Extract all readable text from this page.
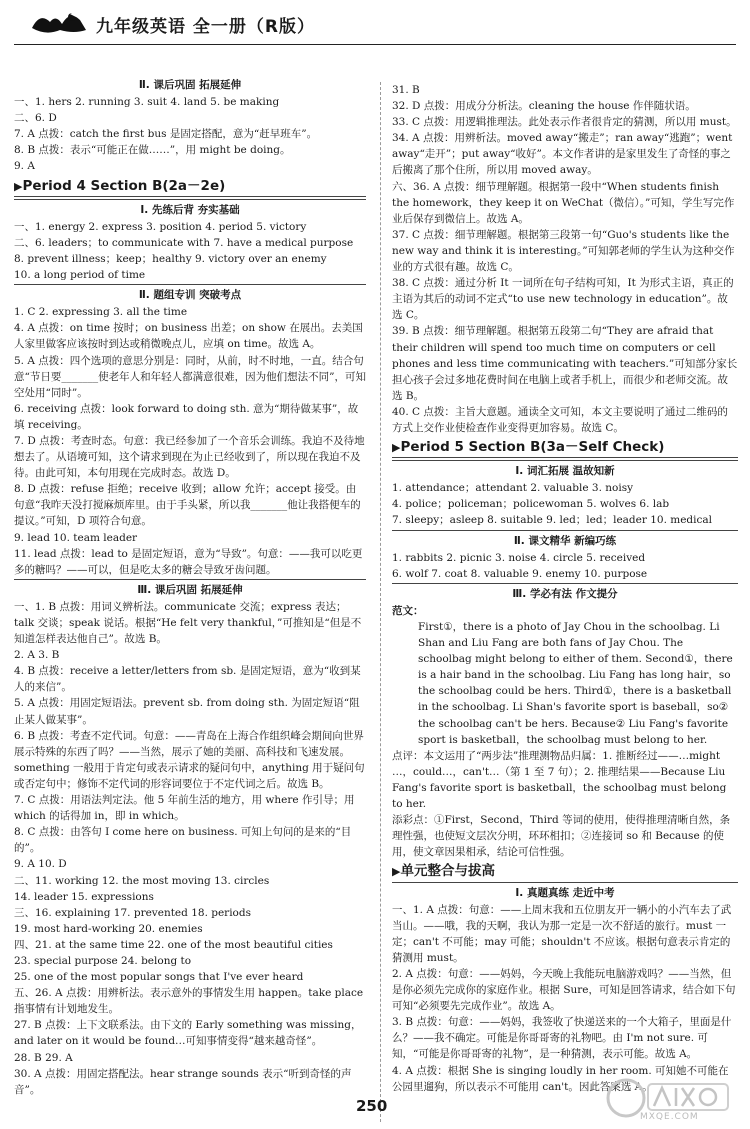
九年级英语 全一册（R版）
Ⅱ. 课后巩固 拓展延伸
一、1. hers 2. running 3. suit 4. land 5. be making
二、6. D
7. A 点拨：catch the first bus 是固定搭配，意为“赶早班车”。
8. B 点拨：表示“可能正在做……”，用 might be doing。
9. A
▶Period 4 Section B(2a－2e)
Ⅰ. 先练后背 夯实基础
一、1. energy 2. express 3. position 4. period 5. victory
二、6. leaders；to communicate with 7. have a medical purpose
8. prevent illness；keep；healthy 9. victory over an enemy
10. a long period of time
Ⅱ. 题组专训 突破考点
1. C 2. expressing 3. all the time
4. A 点拨：on time 按时；on business 出差；on show 在展出。去美国人家里做客应该按时到达或稍微晚点儿，应填 on time。故选 A。
5. A 点拨：四个选项的意思分别是：同时，从前，时不时地，一直。结合句意“节日要_______使老年人和年轻人都满意很难，因为他们想法不同”，可知空处用“同时”。
6. receiving 点拨：look forward to doing sth. 意为“期待做某事”，故填 receiving。
7. D 点拨：考查时态。句意：我已经参加了一个音乐会训练。我迫不及待地想去了。从语境可知，这个请求到现在为止已经收到了，所以现在我迫不及待。由此可知，本句用现在完成时态。故选 D。
8. D 点拨：refuse 拒绝；receive 收到；allow 允许；accept 接受。由句意“我昨天没打搅麻烦库里。由于手头紧，所以我_______他让我搭便车的提议。”可知，D 项符合句意。
9. lead 10. team leader
11. lead 点拨：lead to 是固定短语，意为“导致”。句意：——我可以吃更多的糖吗？——可以，但是吃太多的糖会导致牙齿问题。
Ⅲ. 课后巩固 拓展延伸
一、1. B 点拨：用词义辨析法。communicate 交流；express 表达；talk 交谈；speak 说话。根据“He felt very thankful，”可推知是“但是不知道怎样表达他自己”。故选 B。
2. A 3. B
4. B 点拨：receive a letter/letters from sb. 是固定短语，意为“收到某人的来信”。
5. A 点拨：用固定短语法。prevent sb. from doing sth. 为固定短语“阻止某人做某事”。
6. B 点拨：考查不定代词。句意：——青岛在上海合作组织峰会期间向世界展示特殊的东西了吗？——当然，展示了她的美丽、高科技和飞速发展。something 一般用于肯定句或表示请求的疑问句中，anything 用于疑问句或否定句中；修饰不定代词的形容词要位于不定代词之后。故选 B。
7. C 点拨：用语法判定法。他 5 年前生活的地方，用 where 作引导；用 which 的话得加 in，即 in which。
8. C 点拨：由答句 I come here on business. 可知上句问的是来的“目的”。
9. A 10. D
二、11. working 12. the most moving 13. circles
14. leader 15. expressions
三、16. explaining 17. prevented 18. periods
19. most hard-working 20. enemies
四、21. at the same time 22. one of the most beautiful cities
23. special purpose 24. belong to
25. one of the most popular songs that I've ever heard
五、26. A 点拨：用辨析法。表示意外的事情发生用 happen。take place 指事情有计划地发生。
27. B 点拨：上下文联系法。由下文的 Early something was missing，and later on it would be found…可知事情变得“越来越奇怪”。
28. B 29. A
30. A 点拨：用固定搭配法。hear strange sounds 表示“听到奇怪的声音”。
31. B
32. D 点拨：用成分分析法。cleaning the house 作伴随状语。
33. C 点拨：用逻辑推理法。此处表示作者很肯定的猜测，所以用 must。
34. A 点拨：用辨析法。moved away“搬走”；ran away“逃跑”；went away“走开”；put away“收好”。本文作者讲的是家里发生了奇怪的事之后搬离了那个住所，所以用 moved away。
六、36. A 点拨：细节理解题。根据第一段中“When students finish the homework，they keep it on WeChat（微信）。”可知，学生写完作业后保存到微信上。故选 A。
37. C 点拨：细节理解题。根据第三段第一句“Guo's students like the new way and think it is interesting。”可知郭老师的学生认为这种交作业的方式很有趣。故选 C。
38. C 点拨：通过分析 It 一词所在句子结构可知，It 为形式主语，真正的主语为其后的动词不定式“to use new technology in education”。故选 C。
39. B 点拨：细节理解题。根据第五段第二句“They are afraid that their children will spend too much time on computers or cell phones and less time communicating with teachers.”可知部分家长担心孩子会过多地花费时间在电脑上或者手机上，而很少和老师交流。故选 B。
40. C 点拨：主旨大意题。通读全文可知，本文主要说明了通过二维码的方式上交作业使检查作业变得更加容易。故选 C。
▶Period 5 Section B(3a－Self Check)
Ⅰ. 词汇拓展 温故知新
1. attendance；attendant 2. valuable 3. noisy
4. police；policeman；policewoman 5. wolves 6. lab
7. sleepy；asleep 8. suitable 9. led；led；leader 10. medical
Ⅱ. 课文精华 新编巧练
1. rabbits 2. picnic 3. noise 4. circle 5. received
6. wolf 7. coat 8. valuable 9. enemy 10. purpose
Ⅲ. 学必有法 作文提分
范文：
First①，there is a photo of Jay Chou in the schoolbag. Li Shan and Liu Fang are both fans of Jay Chou. The schoolbag might belong to either of them. Second①，there is a hair band in the schoolbag. Liu Fang has long hair，so the schoolbag could be hers. Third①，there is a basketball in the schoolbag. Li Shan's favorite sport is baseball，so② the schoolbag can't be hers. Because② Liu Fang's favorite sport is basketball，the schoolbag must belong to her.
点评：本文运用了“两步法”推理测物品归属：1. 推断经过——…might …，could…，can't…（第 1 至 7 句）；2. 推理结果——Because Liu Fang's favorite sport is basketball，the schoolbag must belong to her.
添彩点：①First，Second，Third 等词的使用，使得推理清晰自然，条理性强，也使短文层次分明，环环相扣；②连接词 so 和 Because 的使用，使文章因果相承，结论可信性强。
▶单元整合与拔高
Ⅰ. 真题真练 走近中考
一、1. A 点拨：句意：——上周末我和五位朋友开一辆小的小汽车去了武当山。——哦，我的天啊，我认为那一定是一次不舒适的旅行。must 一定；can't 不可能；may 可能；shouldn't 不应该。根据句意表示肯定的猜测用 must。
2. A 点拨：句意：——妈妈，今天晚上我能玩电脑游戏吗？——当然，但是你必须先完成你的家庭作业。根据 Sure，可知是回答请求，结合如下句可知“必须要先完成作业”。故选 A。
3. B 点拨：句意：——妈妈，我签收了快递送来的一个大箱子，里面是什么？——我不确定。可能是你哥哥寄的礼物吧。由 I'm not sure. 可知，“可能是你哥哥寄的礼物”，是一种猜测，表示可能。故选 A。
4. A 点拨：根据 She is singing loudly in her room. 可知她不可能在公园里遛狗，所以表示不可能用 can't。因此答案选 A。
250
MXQE.COM
